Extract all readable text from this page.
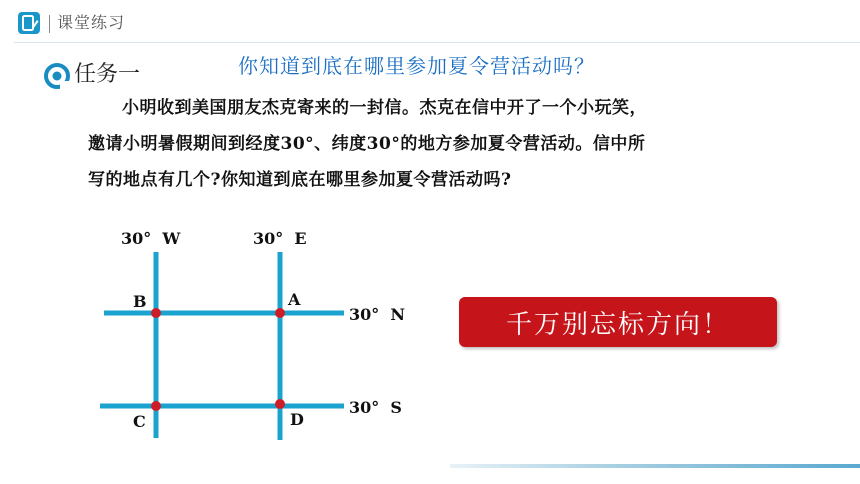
课堂练习
任务一	你知道到底在哪里参加夏令营活动吗？

小明收到美国朋友杰克寄来的一封信。杰克在信中开了一个小玩笑，

邀请小明暑假期间到经度30°、纬度30°的地方参加夏令营活动。信中所

写的地点有几个?你知道到底在哪里参加夏令营活动吗?

30°  W	30°  E
30°  N
30°  S
B	A
C	D
千万别忘标方向！
